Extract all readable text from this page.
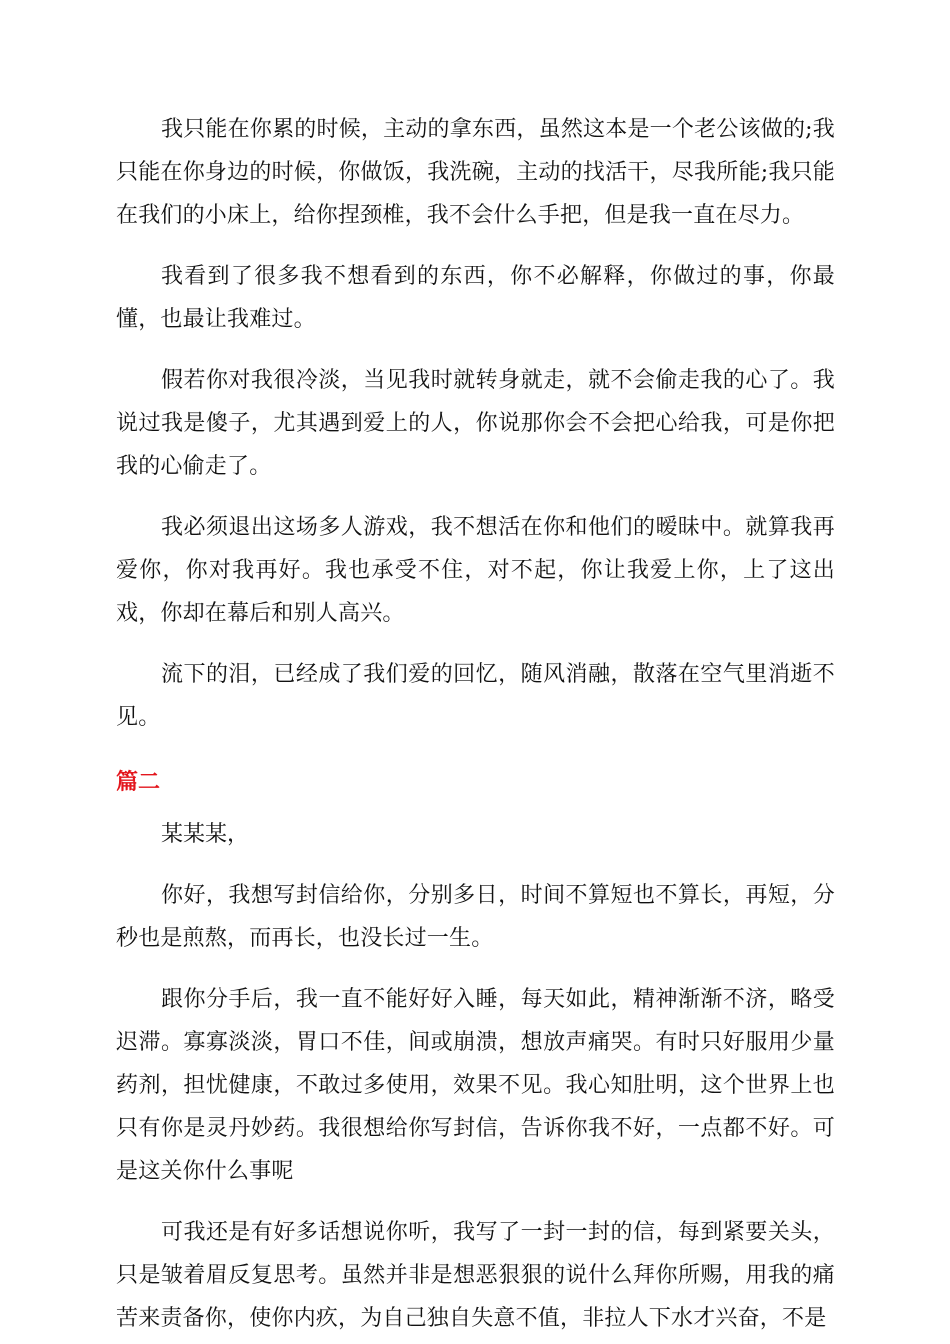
我只能在你累的时候，主动的拿东西，虽然这本是一个老公该做的;我只能在你身边的时候，你做饭，我洗碗，主动的找活干，尽我所能;我只能在我们的小床上，给你捏颈椎，我不会什么手把，但是我一直在尽力。

我看到了很多我不想看到的东西，你不必解释，你做过的事，你最懂，也最让我难过。

假若你对我很冷淡，当见我时就转身就走，就不会偷走我的心了。我说过我是傻子，尤其遇到爱上的人，你说那你会不会把心给我，可是你把我的心偷走了。

我必须退出这场多人游戏，我不想活在你和他们的暧昧中。就算我再爱你，你对我再好。我也承受不住，对不起，你让我爱上你，上了这出戏，你却在幕后和别人高兴。

流下的泪，已经成了我们爱的回忆，随风消融，散落在空气里消逝不见。

篇二

某某某，

你好，我想写封信给你，分别多日，时间不算短也不算长，再短，分秒也是煎熬，而再长，也没长过一生。

跟你分手后，我一直不能好好入睡，每天如此，精神渐渐不济，略受迟滞。寡寡淡淡，胃口不佳，间或崩溃，想放声痛哭。有时只好服用少量药剂，担忧健康，不敢过多使用，效果不见。我心知肚明，这个世界上也只有你是灵丹妙药。我很想给你写封信，告诉你我不好，一点都不好。可是这关你什么事呢

可我还是有好多话想说你听，我写了一封一封的信，每到紧要关头，只是皱着眉反复思考。虽然并非是想恶狠狠的说什么拜你所赐，用我的痛苦来责备你，使你内疚，为自己独自失意不值，非拉人下水才兴奋，不是
